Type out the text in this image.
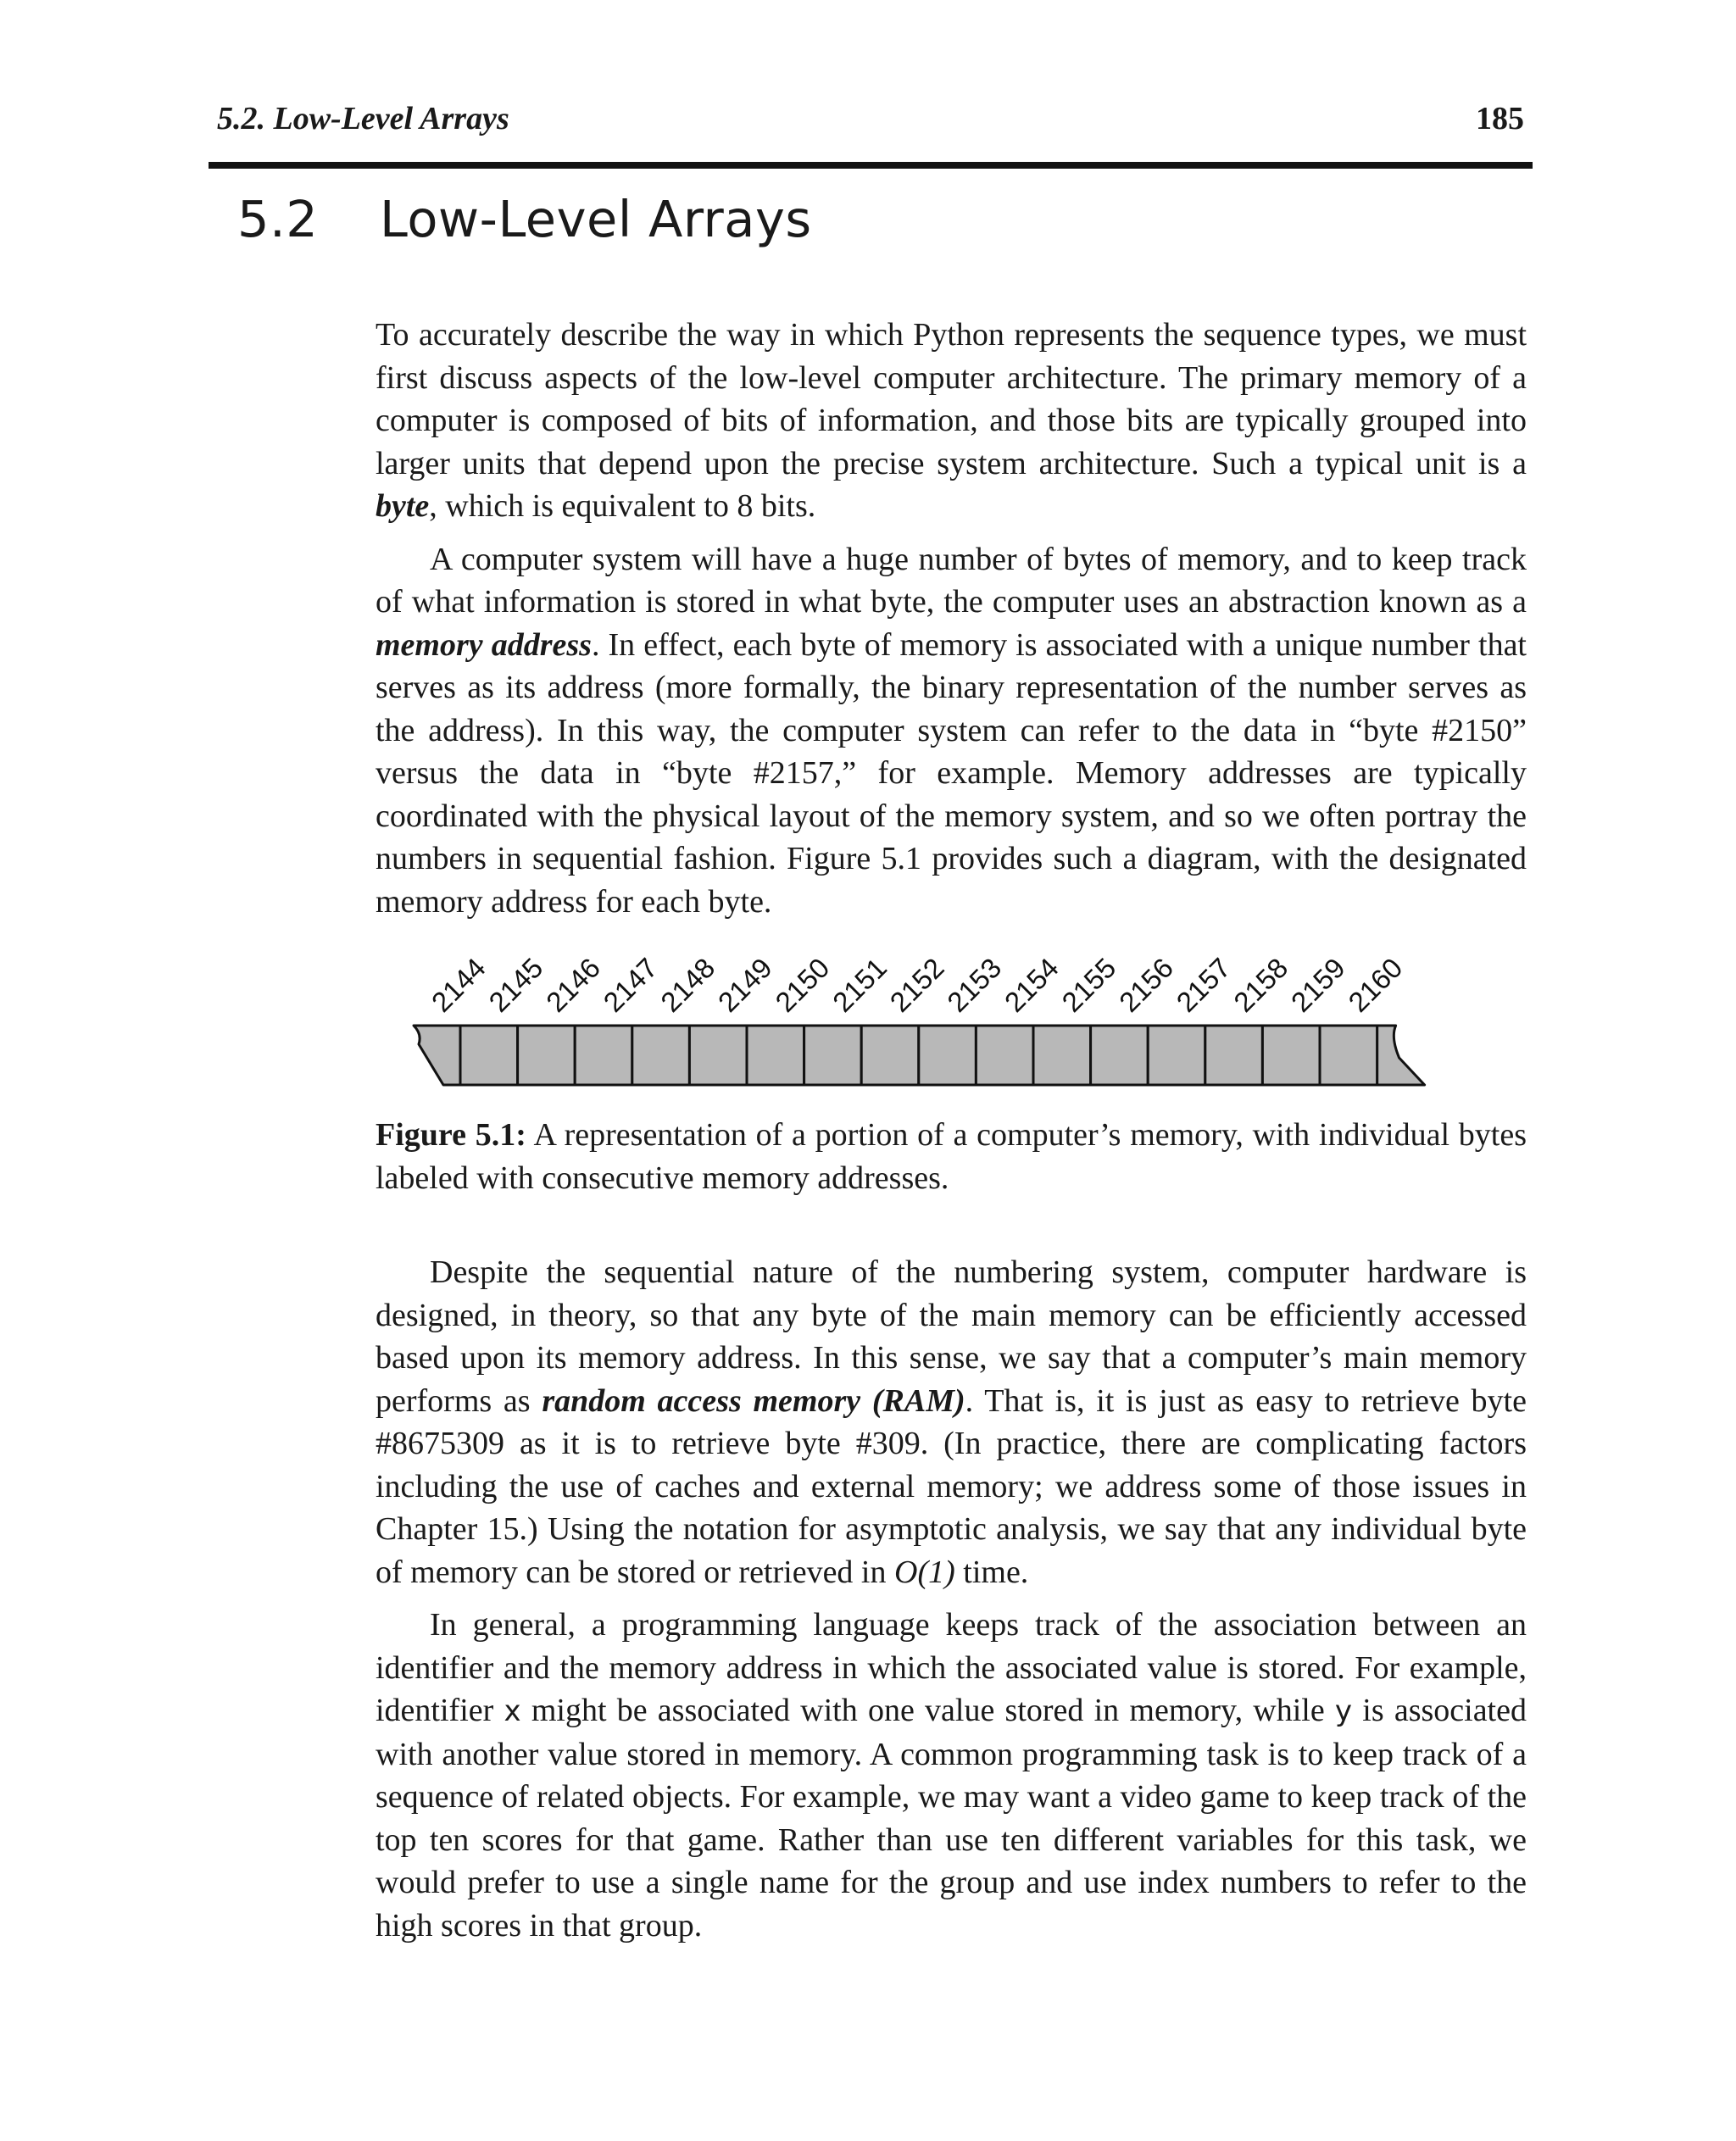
5.2. Low-Level Arrays	185
5.2 Low-Level Arrays

To accurately describe the way in which Python represents the sequence types, we must first discuss aspects of the low-level computer architecture. The primary memory of a computer is composed of bits of information, and those bits are typically grouped into larger units that depend upon the precise system architecture. Such a typical unit is a byte, which is equivalent to 8 bits.

A computer system will have a huge number of bytes of memory, and to keep track of what information is stored in what byte, the computer uses an abstraction known as a memory address. In effect, each byte of memory is associated with a unique number that serves as its address (more formally, the binary representation of the number serves as the address). In this way, the computer system can refer to the data in “byte #2150” versus the data in “byte #2157,” for example. Memory addresses are typically coordinated with the physical layout of the memory system, and so we often portray the numbers in sequential fashion. Figure 5.1 provides such a diagram, with the designated memory address for each byte.

2144
2145
2146
2147
2148
2149
2150
2151
2152
2153
2154
2155
2156
2157
2158
2159
2160
Figure 5.1: A representation of a portion of a computer’s memory, with individual bytes labeled with consecutive memory addresses.

Despite the sequential nature of the numbering system, computer hardware is designed, in theory, so that any byte of the main memory can be efficiently accessed based upon its memory address. In this sense, we say that a computer’s main memory performs as random access memory (RAM). That is, it is just as easy to retrieve byte #8675309 as it is to retrieve byte #309. (In practice, there are complicating factors including the use of caches and external memory; we address some of those issues in Chapter 15.) Using the notation for asymptotic analysis, we say that any individual byte of memory can be stored or retrieved in O(1) time.

In general, a programming language keeps track of the association between an identifier and the memory address in which the associated value is stored. For example, identifier x might be associated with one value stored in memory, while y is associated with another value stored in memory. A common programming task is to keep track of a sequence of related objects. For example, we may want a video game to keep track of the top ten scores for that game. Rather than use ten different variables for this task, we would prefer to use a single name for the group and use index numbers to refer to the high scores in that group.
